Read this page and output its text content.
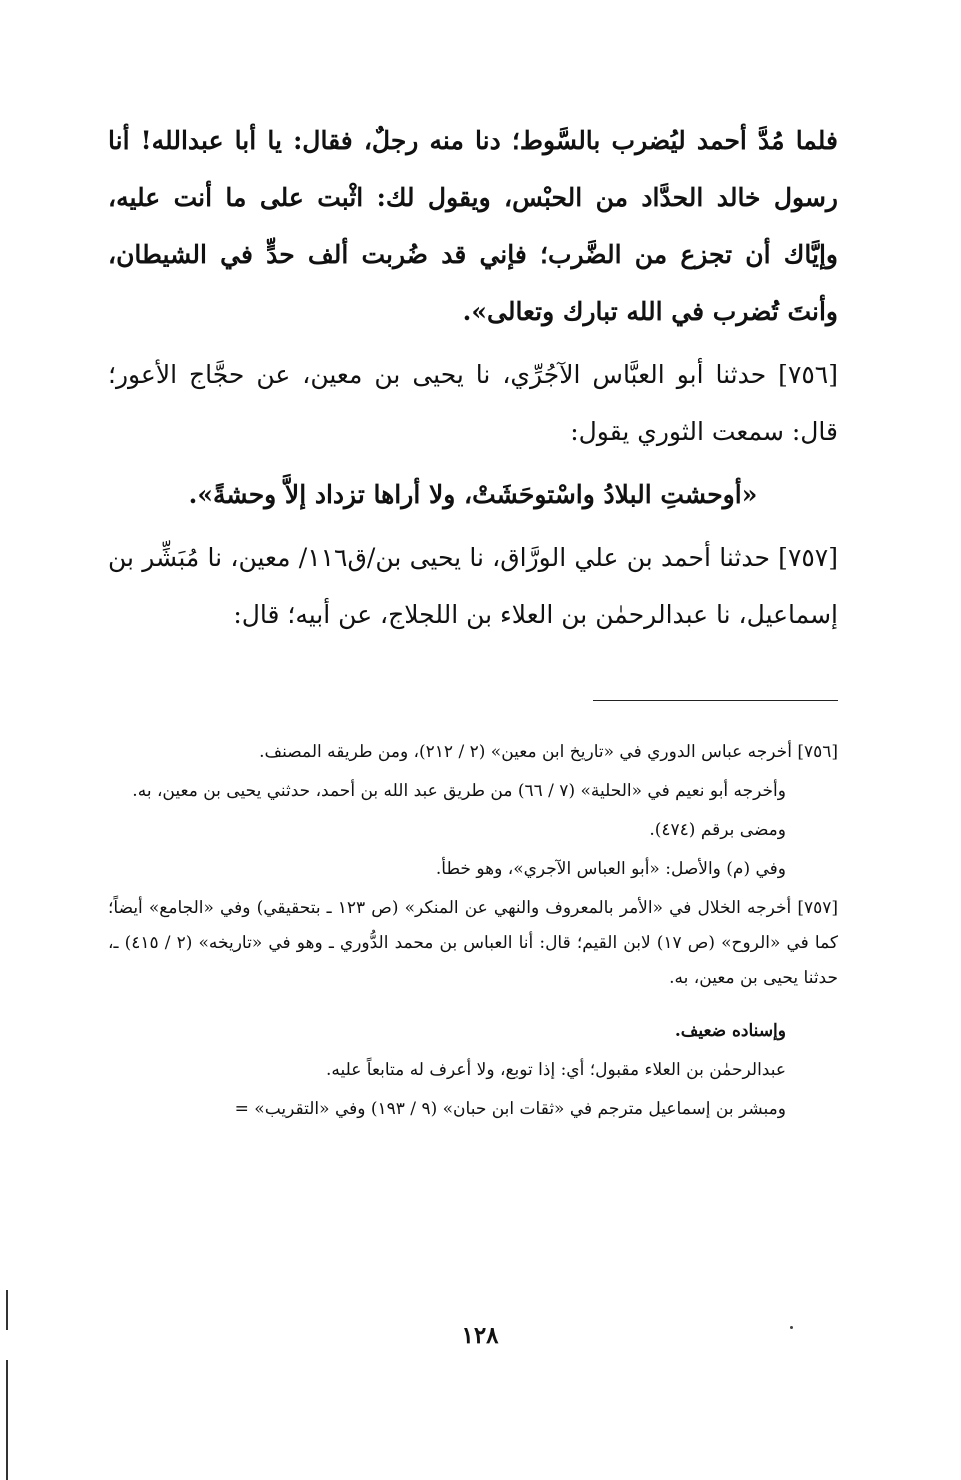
فلما مُدَّ أحمد ليُضرب بالسَّوط؛ دنا منه رجلٌ، فقال: يا أبا عبدالله! أنا رسول خالد الحدَّاد من الحبْس، ويقول لك: اثْبت على ما أنت عليه، وإيَّاك أن تجزع من الضَّرب؛ فإني قد ضُربت ألف حدٍّ في الشيطان، وأنتَ تُضرب في الله تبارك وتعالى».

[٧٥٦] حدثنا أبو العبَّاس الآجُرِّي، نا يحيى بن معين، عن حجَّاج الأعور؛ قال: سمعت الثوري يقول:

«أوحشتِ البلادُ واسْتوحَشَتْ، ولا أراها تزداد إلاَّ وحشةً».

[٧٥٧] حدثنا أحمد بن علي الورَّاق، نا يحيى بن/ق١١٦/ معين، نا مُبَشِّر بن إسماعيل، نا عبدالرحمٰن بن العلاء بن اللجلاج، عن أبيه؛ قال:

[٧٥٦] أخرجه عباس الدوري في «تاريخ ابن معين» (٢ / ٢١٢)، ومن طريقه المصنف.

وأخرجه أبو نعيم في «الحلية» (٧ / ٦٦) من طريق عبد الله بن أحمد، حدثني يحيى بن معين، به.

ومضى برقم (٤٧٤).

وفي (م) والأصل: «أبو العباس الآجري»، وهو خطأ.

[٧٥٧] أخرجه الخلال في «الأمر بالمعروف والنهي عن المنكر» (ص ١٢٣ ـ بتحقيقي) وفي «الجامع» أيضاً؛ كما في «الروح» (ص ١٧) لابن القيم؛ قال: أنا العباس بن محمد الدُّوري ـ وهو في «تاريخه» (٢ / ٤١٥) ـ، حدثنا يحيى بن معين، به.

وإسناده ضعيف.

عبدالرحمٰن بن العلاء مقبول؛ أي: إذا توبع، ولا أعرف له متابعاً عليه.

ومبشر بن إسماعيل مترجم في «ثقات ابن حبان» (٩ / ١٩٣) وفي «التقريب» =

١٢٨
